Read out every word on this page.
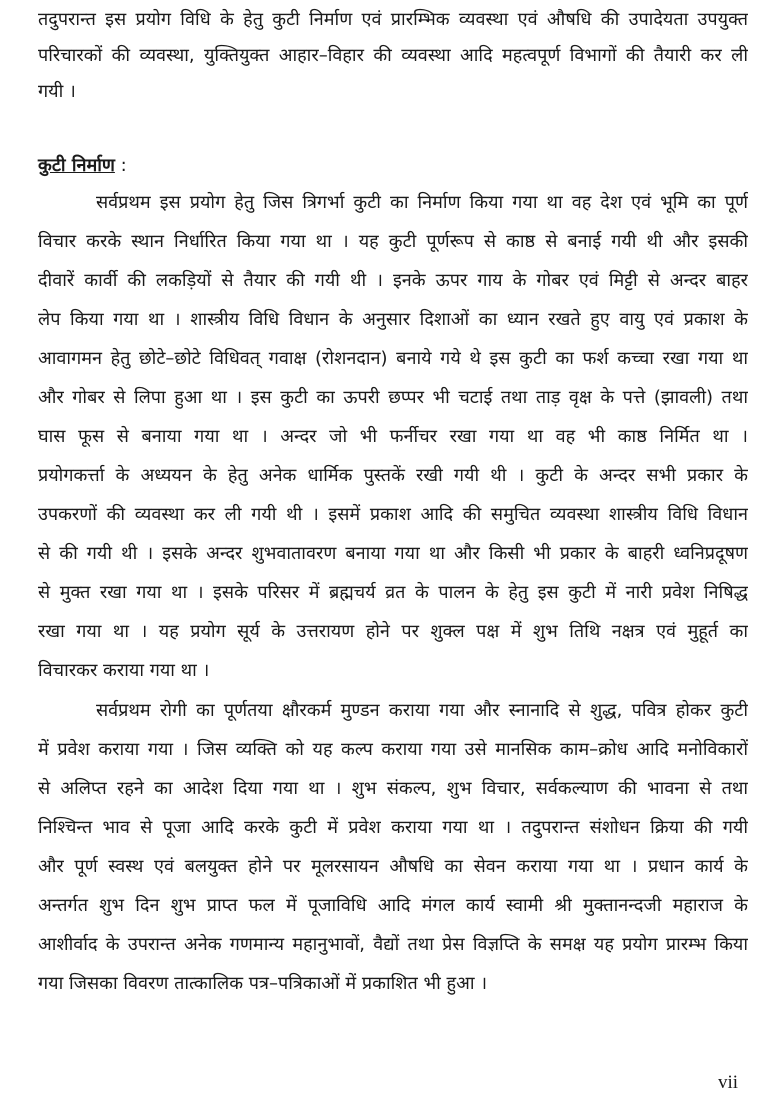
तदुपरान्त इस प्रयोग विधि के हेतु कुटी निर्माण एवं प्रारम्भिक व्यवस्था एवं औषधि की उपादेयता उपयुक्त
परिचारकों की व्यवस्था, युक्तियुक्त आहार–विहार की व्यवस्था आदि महत्वपूर्ण विभागों की तैयारी कर ली
गयी ।
कुटी निर्माण :
सर्वप्रथम इस प्रयोग हेतु जिस त्रिगर्भा कुटी का निर्माण किया गया था वह देश एवं भूमि का पूर्ण
विचार करके स्थान निर्धारित किया गया था । यह कुटी पूर्णरूप से काष्ठ से बनाई गयी थी और इसकी
दीवारें कार्वी की लकड़ियों से तैयार की गयी थी । इनके ऊपर गाय के गोबर एवं मिट्टी से अन्दर बाहर
लेप किया गया था । शास्त्रीय विधि विधान के अनुसार दिशाओं का ध्यान रखते हुए वायु एवं प्रकाश के
आवागमन हेतु छोटे–छोटे विधिवत् गवाक्ष (रोशनदान) बनाये गये थे इस कुटी का फर्श कच्चा रखा गया था
और गोबर से लिपा हुआ था । इस कुटी का ऊपरी छप्पर भी चटाई तथा ताड़ वृक्ष के पत्ते (झावली) तथा
घास फूस से बनाया गया था । अन्दर जो भी फर्नीचर रखा गया था वह भी काष्ठ निर्मित था ।
प्रयोगकर्त्ता के अध्ययन के हेतु अनेक धार्मिक पुस्तकें रखी गयी थी । कुटी के अन्दर सभी प्रकार के
उपकरणों की व्यवस्था कर ली गयी थी । इसमें प्रकाश आदि की समुचित व्यवस्था शास्त्रीय विधि विधान
से की गयी थी । इसके अन्दर शुभवातावरण बनाया गया था और किसी भी प्रकार के बाहरी ध्वनिप्रदूषण
से मुक्त रखा गया था । इसके परिसर में ब्रह्मचर्य व्रत के पालन के हेतु इस कुटी में नारी प्रवेश निषिद्ध
रखा गया था । यह प्रयोग सूर्य के उत्तरायण होने पर शुक्ल पक्ष में शुभ तिथि नक्षत्र एवं मुहूर्त का
विचारकर कराया गया था ।
सर्वप्रथम रोगी का पूर्णतया क्षौरकर्म मुण्डन कराया गया और स्नानादि से शुद्ध, पवित्र होकर कुटी
में प्रवेश कराया गया । जिस व्यक्ति को यह कल्प कराया गया उसे मानसिक काम–क्रोध आदि मनोविकारों
से अलिप्त रहने का आदेश दिया गया था । शुभ संकल्प, शुभ विचार, सर्वकल्याण की भावना से तथा
निश्चिन्त भाव से पूजा आदि करके कुटी में प्रवेश कराया गया था । तदुपरान्त संशोधन क्रिया की गयी
और पूर्ण स्वस्थ एवं बलयुक्त होने पर मूलरसायन औषधि का सेवन कराया गया था । प्रधान कार्य के
अन्तर्गत शुभ दिन शुभ प्राप्त फल में पूजाविधि आदि मंगल कार्य स्वामी श्री मुक्तानन्दजी महाराज के
आशीर्वाद के उपरान्त अनेक गणमान्य महानुभावों, वैद्यों तथा प्रेस विज्ञप्ति के समक्ष यह प्रयोग प्रारम्भ किया
गया जिसका विवरण तात्कालिक पत्र–पत्रिकाओं में प्रकाशित भी हुआ ।
vii
